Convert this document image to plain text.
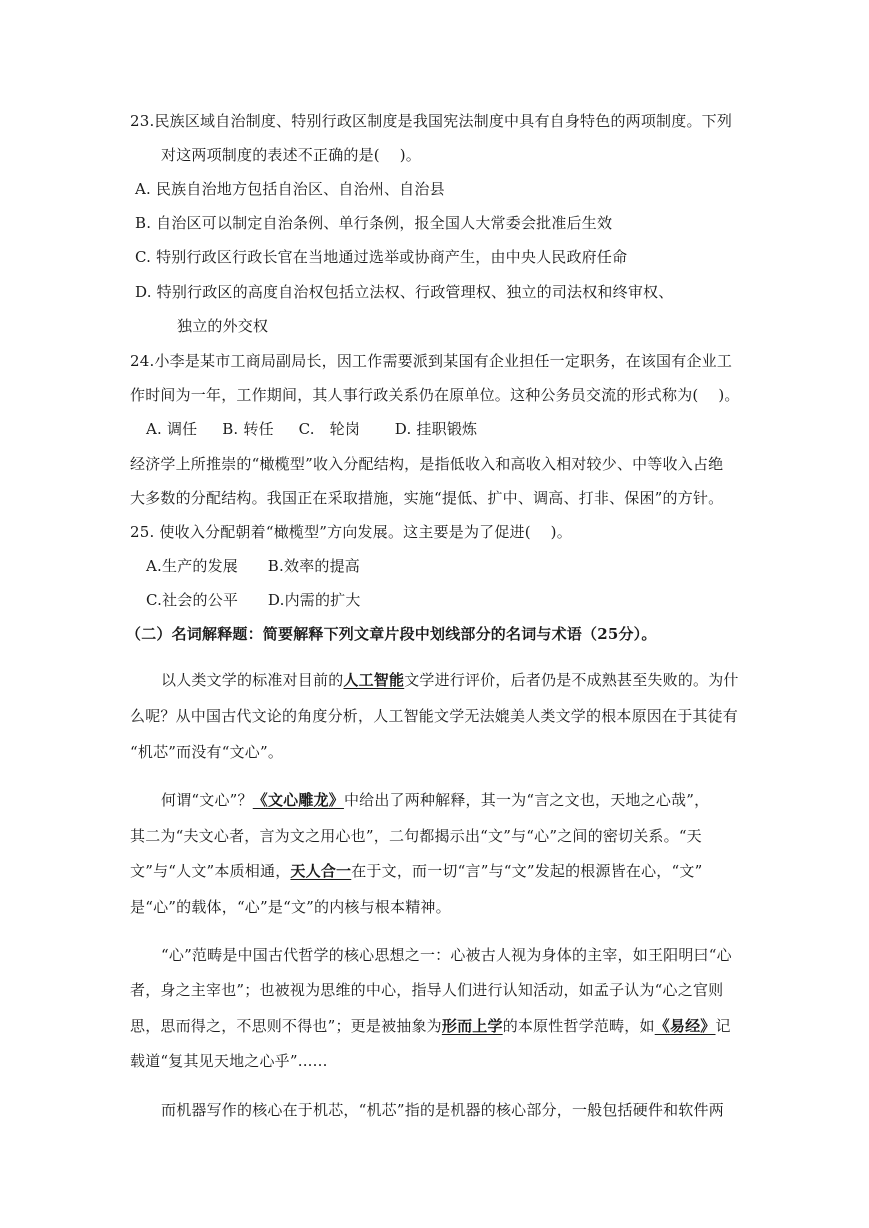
23.民族区域自治制度、特别行政区制度是我国宪法制度中具有自身特色的两项制度。下列
对这两项制度的表述不正确的是(    )。
A. 民族自治地方包括自治区、自治州、自治县
B. 自治区可以制定自治条例、单行条例，报全国人大常委会批准后生效
C. 特别行政区行政长官在当地通过选举或协商产生，由中央人民政府任命
D. 特别行政区的高度自治权包括立法权、行政管理权、独立的司法权和终审权、
独立的外交权
24.小李是某市工商局副局长，因工作需要派到某国有企业担任一定职务，在该国有企业工
作时间为一年，工作期间，其人事行政关系仍在原单位。这种公务员交流的形式称为(    )。
A. 调任     B. 转任     C.   轮岗       D. 挂职锻炼
经济学上所推崇的“橄榄型”收入分配结构，是指低收入和高收入相对较少、中等收入占绝
大多数的分配结构。我国正在采取措施，实施“提低、扩中、调高、打非、保困”的方针。
25. 使收入分配朝着“橄榄型”方向发展。这主要是为了促进(    )。
A.生产的发展      B.效率的提高
C.社会的公平      D.内需的扩大
（二）名词解释题：简要解释下列文章片段中划线部分的名词与术语（25分）。
以人类文学的标准对目前的人工智能文学进行评价，后者仍是不成熟甚至失败的。为什
么呢？从中国古代文论的角度分析，人工智能文学无法媲美人类文学的根本原因在于其徒有
“机芯”而没有“文心”。
何谓“文心”？《文心雕龙》中给出了两种解释，其一为“言之文也，天地之心哉”，
其二为“夫文心者，言为文之用心也”，二句都揭示出“文”与“心”之间的密切关系。“天
文”与“人文”本质相通，天人合一在于文，而一切“言”与“文”发起的根源皆在心，“文”
是“心”的载体，“心”是“文”的内核与根本精神。
“心”范畴是中国古代哲学的核心思想之一：心被古人视为身体的主宰，如王阳明曰“心
者，身之主宰也”；也被视为思维的中心，指导人们进行认知活动，如孟子认为“心之官则
思，思而得之，不思则不得也”；更是被抽象为形而上学的本原性哲学范畴，如《易经》记
载道“复其见天地之心乎”......
而机器写作的核心在于机芯，“机芯”指的是机器的核心部分，一般包括硬件和软件两
